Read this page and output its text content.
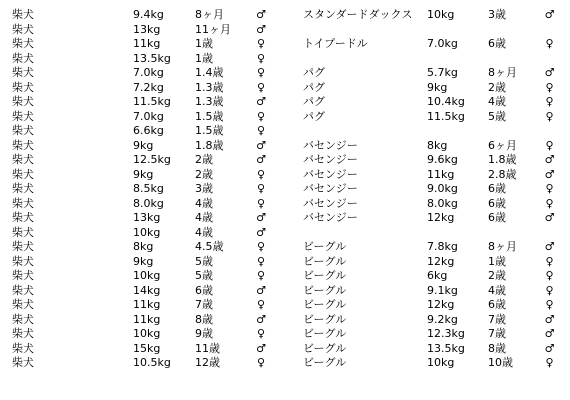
柴犬	9.4kg	8ヶ月	♂
柴犬	13kg	11ヶ月	♂
柴犬	11kg	1歳	♀
柴犬	13.5kg	1歳	♀
柴犬	7.0kg	1.4歳	♀
柴犬	7.2kg	1.3歳	♀
柴犬	11.5kg	1.3歳	♂
柴犬	7.0kg	1.5歳	♀
柴犬	6.6kg	1.5歳	♀
柴犬	9kg	1.8歳	♂
柴犬	12.5kg	2歳	♂
柴犬	9kg	2歳	♀
柴犬	8.5kg	3歳	♀
柴犬	8.0kg	4歳	♀
柴犬	13kg	4歳	♂
柴犬	10kg	4歳	♂
柴犬	8kg	4.5歳	♀
柴犬	9kg	5歳	♀
柴犬	10kg	5歳	♀
柴犬	14kg	6歳	♂
柴犬	11kg	7歳	♀
柴犬	11kg	8歳	♂
柴犬	10kg	9歳	♀
柴犬	15kg	11歳	♂
柴犬	10.5kg	12歳	♀
スタンダードダックス	10kg	3歳	♂

トイプードル	7.0kg	6歳	♀

パグ	5.7kg	8ヶ月	♂
パグ	9kg	2歳	♀
パグ	10.4kg	4歳	♀
パグ	11.5kg	5歳	♀

バセンジー	8kg	6ヶ月	♀
バセンジー	9.6kg	1.8歳	♂
バセンジー	11kg	2.8歳	♂
バセンジー	9.0kg	6歳	♀
バセンジー	8.0kg	6歳	♀
バセンジー	12kg	6歳	♂

ビーグル	7.8kg	8ヶ月	♂
ビーグル	12kg	1歳	♀
ビーグル	6kg	2歳	♀
ビーグル	9.1kg	4歳	♀
ビーグル	12kg	6歳	♀
ビーグル	9.2kg	7歳	♂
ビーグル	12.3kg	7歳	♂
ビーグル	13.5kg	8歳	♂
ビーグル	10kg	10歳	♀
